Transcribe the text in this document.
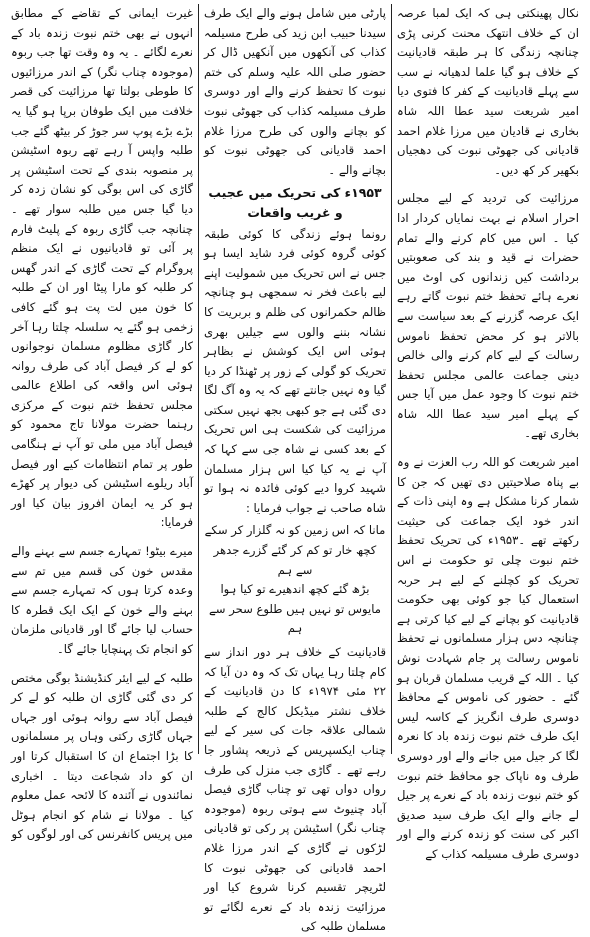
نکال پھینکتی ہی کہ ایک لمبا عرصہ ان کے خلاف انتھک محنت کرنی پڑی چنانچہ زندگی کا ہر طبقہ قادیانیت کے خلاف ہو گیا علما لدھیانہ نے سب سے پہلے قادیانیت کے کفر کا فتوی دیا امیر شریعت سید عطا اللہ شاہ بخاری نے قادیان میں مرزا غلام احمد قادیانی کی جھوٹی نبوت کی دھجیاں بکھیر کر کھ دیں۔

مرزائیت کی تردید کے لیے مجلس احرار اسلام نے بہت نمایاں کردار ادا کیا ۔ اس میں کام کرنے والے تمام حضرات نے قید و بند کی صعوبتیں برداشت کیں زندانوں کی اوٹ میں نعرے ہائے تحفظ ختم نبوت گاتے رہے ایک عرصہ گزرنے کے بعد سیاست سے بالاتر ہو کر محض تحفظ ناموس رسالت کے لیے کام کرنے والی خالص دینی جماعت عالمی مجلس تحفظ ختم نبوت کا وجود عمل میں آیا جس کے پہلے امیر سید عطا اللہ شاہ بخاری تھے۔

امیر شریعت کو اللہ رب العزت نے وہ بے پناہ صلاحیتیں دی تھیں کہ جن کا شمار کرنا مشکل ہے وہ اپنی ذات کے اندر خود ایک جماعت کی حیثیت رکھتے تھے ۔۱۹۵۳ء کی تحریک تحفظ ختم نبوت چلی تو حکومت نے اس تحریک کو کچلنے کے لیے ہر حربہ استعمال کیا جو کوئی بھی حکومت قادیانیت کو بچانے کے لیے کیا کرتی ہے چنانچہ دس ہزار مسلمانوں نے تحفظ ناموس رسالت پر جام شہادت نوش کیا ۔ اللہ کے قریب مسلمان قربان ہو گئے ۔ حضور کی ناموس کے محافظ دوسری طرف انگریز کے کاسہ لیس ایک طرف ختم نبوت زندہ باد کا نعرہ لگا کر جیل میں جانے والے اور دوسری طرف وہ ناپاک جو محافظ ختم نبوت کو ختم نبوت زندہ باد کے نعرے پر جیل لے جانے والے ایک طرف سید صدیق اکبر کی سنت کو زندہ کرنے والے اور دوسری طرف مسیلمہ کذاب کے

پارٹی میں شامل ہونے والے ایک طرف سیدنا حبیب ابن زید کی طرح مسیلمہ کذاب کی آنکھوں میں آنکھیں ڈال کر حضور صلی اللہ علیہ وسلم کی ختم نبوت کا تحفظ کرنے والے اور دوسری طرف مسیلمہ کذاب کی جھوٹی نبوت کو بچانے والوں کی طرح مرزا غلام احمد قادیانی کی جھوٹی نبوت کو بچانے والے ۔

۱۹۵۳ء کی تحریک میں عجیب و غریب واقعات

رونما ہوئے زندگی کا کوئی طبقہ کوئی گروہ کوئی فرد شاید ایسا ہو جس نے اس تحریک میں شمولیت اپنے لیے باعث فخر نہ سمجھی ہو چنانچہ ظالم حکمرانوں کی ظلم و بربریت کا نشانہ بننے والوں سے جیلیں بھری ہوئی اس ایک کوشش نے بظاہر تحریک کو گولی کے زور پر ٹھنڈا کر دیا گیا وہ نہیں جانتے تھے کہ یہ وہ آگ لگا دی گئی ہے جو کبھی بجھ نہیں سکتی مرزائیت کی شکست ہی اس تحریک کے بعد کسی نے شاہ جی سے کہا کہ آپ نے یہ کیا کیا اس ہزار مسلمان شہید کروا دیے کوئی فائدہ نہ ہوا تو شاہ صاحب نے جواب فرمایا :

مانا کہ اس زمین کو نہ گلزار کر سکے
کچھ خار تو کم کر گئے گزرے جدھر سے ہم
بڑھ گئے کچھ اندھیرے تو کیا ہوا
مایوس تو نہیں ہیں طلوع سحر سے ہم

قادیانیت کے خلاف ہر دور انداز سے کام چلتا رہا یہاں تک کہ وہ دن آیا کہ ۲۲ مئی ۱۹۷۴ء کا دن قادیانیت کے خلاف نشتر میڈیکل کالج کے طلبہ شمالی علاقہ جات کی سیر کے لیے چناب ایکسپریس کے ذریعہ پشاور جا رہے تھے ۔ گاڑی جب منزل کی طرف رواں دواں تھی تو چناب گاڑی فیصل آباد چنیوٹ سے ہوتی ربوہ (موجودہ چناب نگر) اسٹیشن پر رکی تو قادیانی لڑکوں نے گاڑی کے اندر مرزا غلام احمد قادیانی کی جھوٹی نبوت کا لٹریچر تقسیم کرنا شروع کیا اور مرزائیت زندہ باد کے نعرے لگائے تو مسلمان طلبہ کی

غیرت ایمانی کے تقاضے کے مطابق انہوں نے بھی ختم نبوت زندہ باد کے نعرے لگائے ۔ یہ وہ وقت تھا جب ربوہ (موجودہ چناب نگر) کے اندر مرزائیوں کا طوطی بولتا تھا مرزائیت کی قصر خلافت میں ایک طوفان برپا ہو گیا یہ بڑے بڑے پوپ سر جوڑ کر بیٹھ گئے جب طلبہ واپس آ رہے تھے ربوہ اسٹیشن پر منصوبہ بندی کے تحت اسٹیشن پر گاڑی کی اس بوگی کو نشان زدہ کر دیا گیا جس میں طلبہ سوار تھے ۔ چنانچہ جب گاڑی ربوہ کے پلیٹ فارم پر آئی تو قادیانیوں نے ایک منظم پروگرام کے تحت گاڑی کے اندر گھس کر طلبہ کو مارا پیٹا اور ان کے طلبہ کا خون میں لت پت ہو گئے کافی زخمی ہو گئے یہ سلسلہ چلتا رہا آخر کار گاڑی مظلوم مسلمان نوجوانوں کو لے کر فیصل آباد کی طرف روانہ ہوئی اس واقعہ کی اطلاع عالمی مجلس تحفظ ختم نبوت کے مرکزی رہنما حضرت مولانا تاج محمود کو فیصل آباد میں ملی تو آپ نے ہنگامی طور پر تمام انتظامات کیے اور فیصل آباد ریلوے اسٹیشن کی دیوار پر کھڑے ہو کر یہ ایمان افروز بیان کیا اور فرمایا:

میرے بیٹو! تمہارے جسم سے بہنے والے مقدس خون کی قسم میں تم سے وعدہ کرتا ہوں کہ تمہارے جسم سے بہنے والے خون کے ایک ایک قطرہ کا حساب لیا جائے گا اور قادیانی ملزمان کو انجام تک پہنچایا جائے گا۔

طلبہ کے لیے ایئر کنڈیشنڈ بوگی مختص کر دی گئی گاڑی ان طلبہ کو لے کر فیصل آباد سے روانہ ہوئی اور جہاں جہاں گاڑی رکتی وہاں پر مسلمانوں کا بڑا اجتماع ان کا استقبال کرتا اور ان کو داد شجاعت دیتا ۔ اخباری نمائندوں نے آئندہ کا لائحہ عمل معلوم کیا ۔ مولانا نے شام کو انجام ہوٹل میں پریس کانفرنس کی اور لوگوں کو
